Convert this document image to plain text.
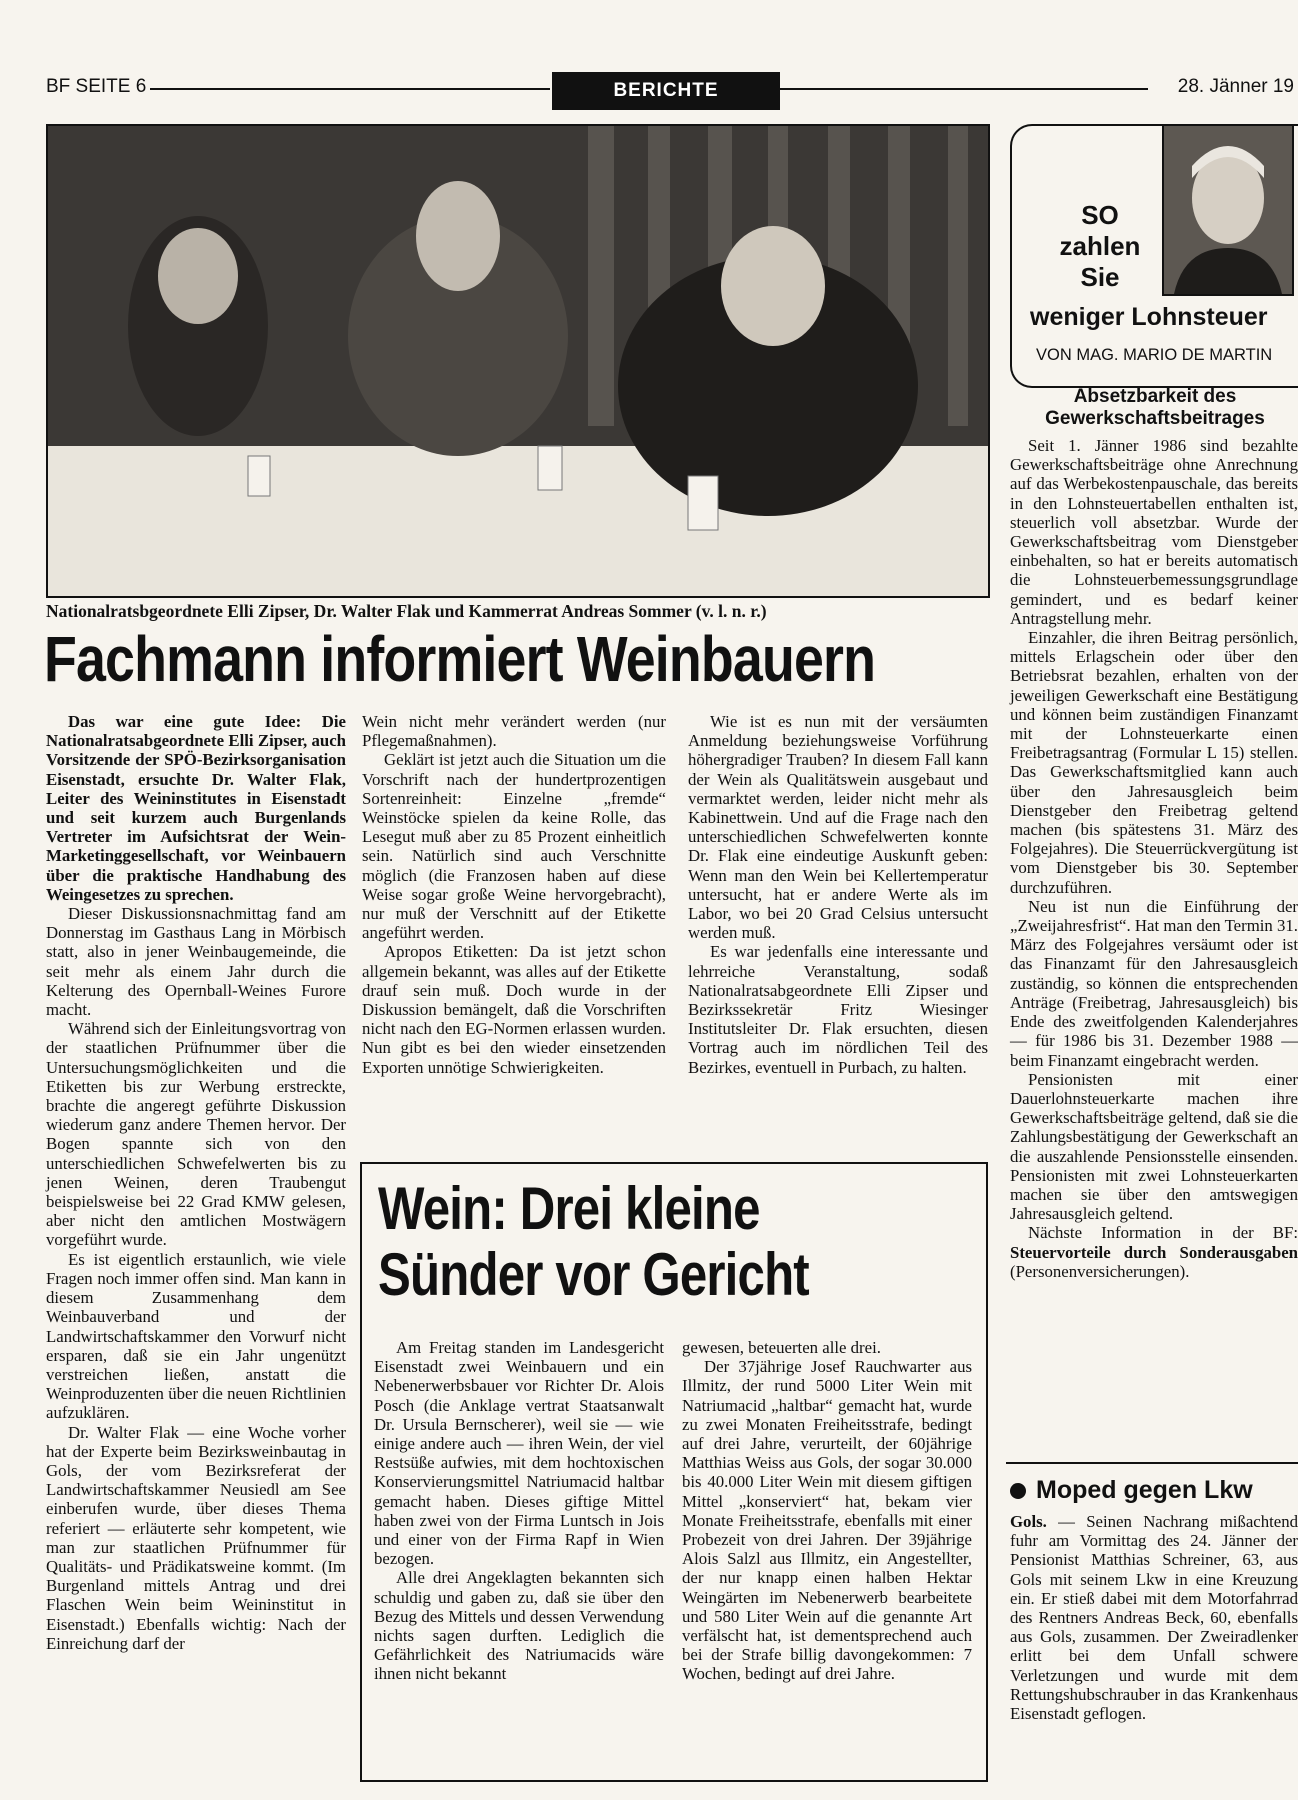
BF SEITE 6	BERICHTE	28. Jänner 19
Nationalratsbgeordnete Elli Zipser, Dr. Walter Flak und Kammerrat Andreas Sommer (v. l. n. r.)
Fachmann informiert Weinbauern

Das war eine gute Idee: Die Nationalratsabgeordnete Elli Zipser, auch Vorsitzende der SPÖ-Bezirksorganisation Eisenstadt, ersuchte Dr. Walter Flak, Leiter des Weininstitutes in Eisenstadt und seit kurzem auch Burgenlands Vertreter im Aufsichtsrat der Wein-Marketinggesellschaft, vor Weinbauern über die praktische Handhabung des Weingesetzes zu sprechen.

Dieser Diskussionsnachmittag fand am Donnerstag im Gasthaus Lang in Mörbisch statt, also in jener Weinbaugemeinde, die seit mehr als einem Jahr durch die Kelterung des Opernball-Weines Furore macht.

Während sich der Einleitungsvortrag von der staatlichen Prüfnummer über die Untersuchungsmöglichkeiten und die Etiketten bis zur Werbung erstreckte, brachte die angeregt geführte Diskussion wiederum ganz andere Themen hervor. Der Bogen spannte sich von den unterschiedlichen Schwefelwerten bis zu jenen Weinen, deren Traubengut beispielsweise bei 22 Grad KMW gelesen, aber nicht den amtlichen Mostwägern vorgeführt wurde.

Es ist eigentlich erstaunlich, wie viele Fragen noch immer offen sind. Man kann in diesem Zusammenhang dem Weinbauverband und der Landwirtschaftskammer den Vorwurf nicht ersparen, daß sie ein Jahr ungenützt verstreichen ließen, anstatt die Weinproduzenten über die neuen Richtlinien aufzuklären.

Dr. Walter Flak — eine Woche vorher hat der Experte beim Bezirksweinbautag in Gols, der vom Bezirksreferat der Landwirtschaftskammer Neusiedl am See einberufen wurde, über dieses Thema referiert — erläuterte sehr kompetent, wie man zur staatlichen Prüfnummer für Qualitäts- und Prädikatsweine kommt. (Im Burgenland mittels Antrag und drei Flaschen Wein beim Weininstitut in Eisenstadt.) Ebenfalls wichtig: Nach der Einreichung darf der

Wein nicht mehr verändert werden (nur Pflegemaßnahmen).

Geklärt ist jetzt auch die Situation um die Vorschrift nach der hundertprozentigen Sortenreinheit: Einzelne „fremde“ Weinstöcke spielen da keine Rolle, das Lesegut muß aber zu 85 Prozent einheitlich sein. Natürlich sind auch Verschnitte möglich (die Franzosen haben auf diese Weise sogar große Weine hervorgebracht), nur muß der Verschnitt auf der Etikette angeführt werden.

Apropos Etiketten: Da ist jetzt schon allgemein bekannt, was alles auf der Etikette drauf sein muß. Doch wurde in der Diskussion bemängelt, daß die Vorschriften nicht nach den EG-Normen erlassen wurden. Nun gibt es bei den wieder einsetzenden Exporten unnötige Schwierigkeiten.

Wie ist es nun mit der versäumten Anmeldung beziehungsweise Vorführung höhergradiger Trauben? In diesem Fall kann der Wein als Qualitätswein ausgebaut und vermarktet werden, leider nicht mehr als Kabinettwein. Und auf die Frage nach den unterschiedlichen Schwefelwerten konnte Dr. Flak eine eindeutige Auskunft geben: Wenn man den Wein bei Kellertemperatur untersucht, hat er andere Werte als im Labor, wo bei 20 Grad Celsius untersucht werden muß.

Es war jedenfalls eine interessante und lehrreiche Veranstaltung, sodaß Nationalratsabgeordnete Elli Zipser und Bezirkssekretär Fritz Wiesinger Institutsleiter Dr. Flak ersuchten, diesen Vortrag auch im nördlichen Teil des Bezirkes, eventuell in Purbach, zu halten.

Wein: Drei kleine
Sünder vor Gericht

Am Freitag standen im Landesgericht Eisenstadt zwei Weinbauern und ein Nebenerwerbsbauer vor Richter Dr. Alois Posch (die Anklage vertrat Staatsanwalt Dr. Ursula Bernscherer), weil sie — wie einige andere auch — ihren Wein, der viel Restsüße aufwies, mit dem hochtoxischen Konservierungsmittel Natriumacid haltbar gemacht haben. Dieses giftige Mittel haben zwei von der Firma Luntsch in Jois und einer von der Firma Rapf in Wien bezogen.

Alle drei Angeklagten bekannten sich schuldig und gaben zu, daß sie über den Bezug des Mittels und dessen Verwendung nichts sagen durften. Lediglich die Gefährlichkeit des Natriumacids wäre ihnen nicht bekannt

gewesen, beteuerten alle drei.

Der 37jährige Josef Rauchwarter aus Illmitz, der rund 5000 Liter Wein mit Natriumacid „haltbar“ gemacht hat, wurde zu zwei Monaten Freiheitsstrafe, bedingt auf drei Jahre, verurteilt, der 60jährige Matthias Weiss aus Gols, der sogar 30.000 bis 40.000 Liter Wein mit diesem giftigen Mittel „konserviert“ hat, bekam vier Monate Freiheitsstrafe, ebenfalls mit einer Probezeit von drei Jahren. Der 39jährige Alois Salzl aus Illmitz, ein Angestellter, der nur knapp einen halben Hektar Weingärten im Nebenerwerb bearbeitete und 580 Liter Wein auf die genannte Art verfälscht hat, ist dementsprechend auch bei der Strafe billig davongekommen: 7 Wochen, bedingt auf drei Jahre.

SO
zahlen
Sie
weniger Lohnsteuer
VON MAG. MARIO DE MARTIN
Absetzbarkeit des Gewerkschaftsbeitrages

Seit 1. Jänner 1986 sind bezahlte Gewerkschaftsbeiträge ohne Anrechnung auf das Werbekostenpauschale, das bereits in den Lohnsteuertabellen enthalten ist, steuerlich voll absetzbar. Wurde der Gewerkschaftsbeitrag vom Dienstgeber einbehalten, so hat er bereits automatisch die Lohnsteuerbemessungsgrundlage gemindert, und es bedarf keiner Antragstellung mehr.

Einzahler, die ihren Beitrag persönlich, mittels Erlagschein oder über den Betriebsrat bezahlen, erhalten von der jeweiligen Gewerkschaft eine Bestätigung und können beim zuständigen Finanzamt mit der Lohnsteuerkarte einen Freibetragsantrag (Formular L 15) stellen. Das Gewerkschaftsmitglied kann auch über den Jahresausgleich beim Dienstgeber den Freibetrag geltend machen (bis spätestens 31. März des Folgejahres). Die Steuerrückvergütung ist vom Dienstgeber bis 30. September durchzuführen.

Neu ist nun die Einführung der „Zweijahresfrist“. Hat man den Termin 31. März des Folgejahres versäumt oder ist das Finanzamt für den Jahresausgleich zuständig, so können die entsprechenden Anträge (Freibetrag, Jahresausgleich) bis Ende des zweitfolgenden Kalenderjahres — für 1986 bis 31. Dezember 1988 — beim Finanzamt eingebracht werden.

Pensionisten mit einer Dauerlohnsteuerkarte machen ihre Gewerkschaftsbeiträge geltend, daß sie die Zahlungsbestätigung der Gewerkschaft an die auszahlende Pensionsstelle einsenden. Pensionisten mit zwei Lohnsteuerkarten machen sie über den amtswegigen Jahresausgleich geltend.

Nächste Information in der BF: Steuervorteile durch Sonderausgaben (Personenversicherungen).

Moped gegen Lkw

Gols. — Seinen Nachrang mißachtend fuhr am Vormittag des 24. Jänner der Pensionist Matthias Schreiner, 63, aus Gols mit seinem Lkw in eine Kreuzung ein. Er stieß dabei mit dem Motorfahrrad des Rentners Andreas Beck, 60, ebenfalls aus Gols, zusammen. Der Zweiradlenker erlitt bei dem Unfall schwere Verletzungen und wurde mit dem Rettungshubschrauber in das Krankenhaus Eisenstadt geflogen.
